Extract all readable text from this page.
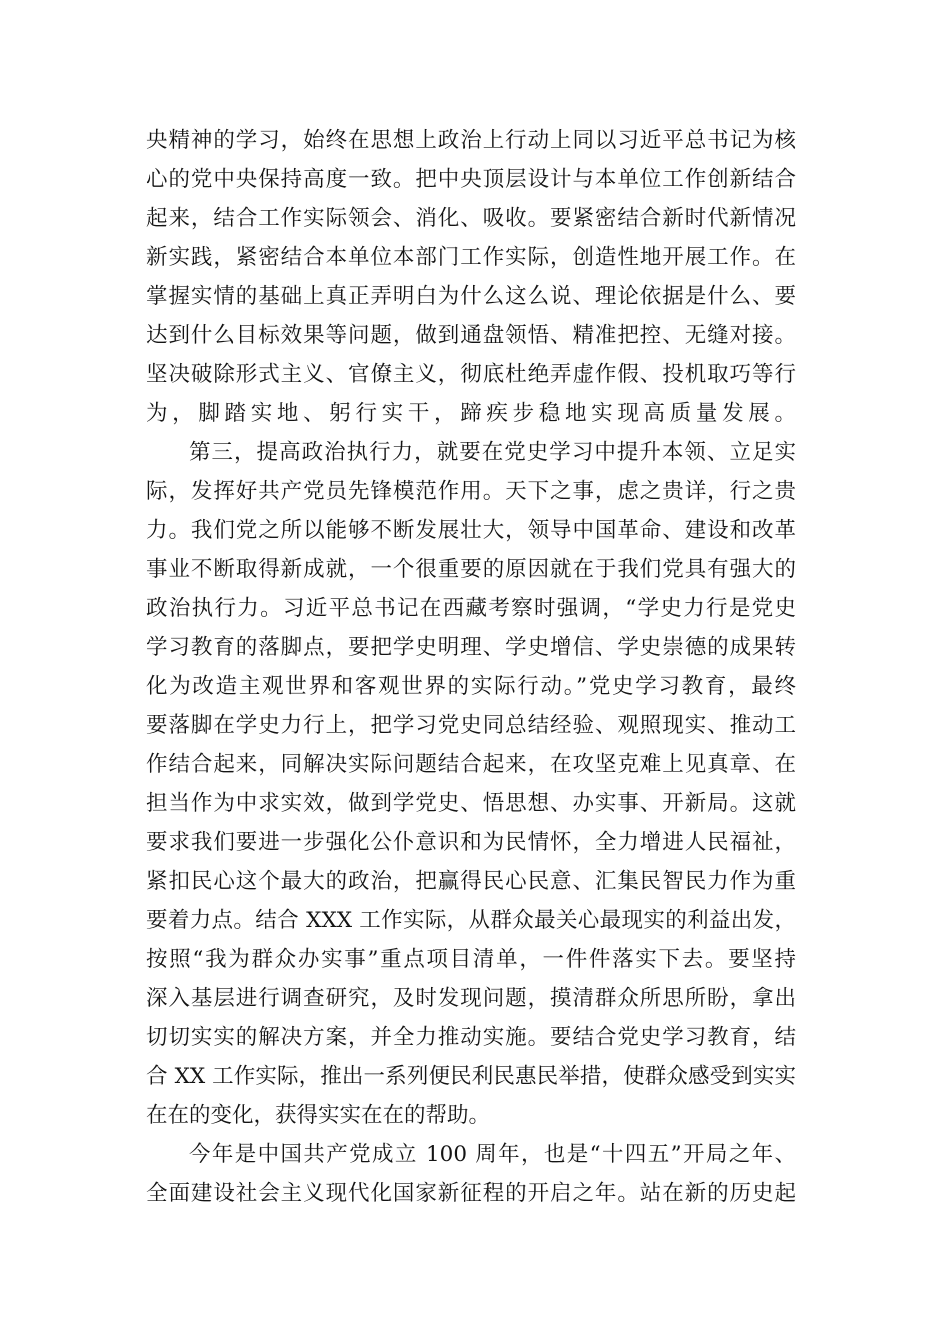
央精神的学习，始终在思想上政治上行动上同以习近平总书记为核
心的党中央保持高度一致。把中央顶层设计与本单位工作创新结合
起来，结合工作实际领会、消化、吸收。要紧密结合新时代新情况
新实践，紧密结合本单位本部门工作实际，创造性地开展工作。在
掌握实情的基础上真正弄明白为什么这么说、理论依据是什么、要
达到什么目标效果等问题，做到通盘领悟、精准把控、无缝对接。
坚决破除形式主义、官僚主义，彻底杜绝弄虚作假、投机取巧等行
为，脚踏实地、躬行实干，蹄疾步稳地实现高质量发展。
第三，提高政治执行力，就要在党史学习中提升本领、立足实
际，发挥好共产党员先锋模范作用。天下之事，虑之贵详，行之贵
力。我们党之所以能够不断发展壮大，领导中国革命、建设和改革
事业不断取得新成就，一个很重要的原因就在于我们党具有强大的
政治执行力。习近平总书记在西藏考察时强调，“学史力行是党史
学习教育的落脚点，要把学史明理、学史增信、学史崇德的成果转
化为改造主观世界和客观世界的实际行动。”党史学习教育，最终
要落脚在学史力行上，把学习党史同总结经验、观照现实、推动工
作结合起来，同解决实际问题结合起来，在攻坚克难上见真章、在
担当作为中求实效，做到学党史、悟思想、办实事、开新局。这就
要求我们要进一步强化公仆意识和为民情怀，全力增进人民福祉，
紧扣民心这个最大的政治，把赢得民心民意、汇集民智民力作为重
要着力点。结合 XXX 工作实际，从群众最关心最现实的利益出发，
按照“我为群众办实事”重点项目清单，一件件落实下去。要坚持
深入基层进行调查研究，及时发现问题，摸清群众所思所盼，拿出
切切实实的解决方案，并全力推动实施。要结合党史学习教育，结
合 XX 工作实际，推出一系列便民利民惠民举措，使群众感受到实实
在在的变化，获得实实在在的帮助。
今年是中国共产党成立 100 周年，也是“十四五”开局之年、
全面建设社会主义现代化国家新征程的开启之年。站在新的历史起
